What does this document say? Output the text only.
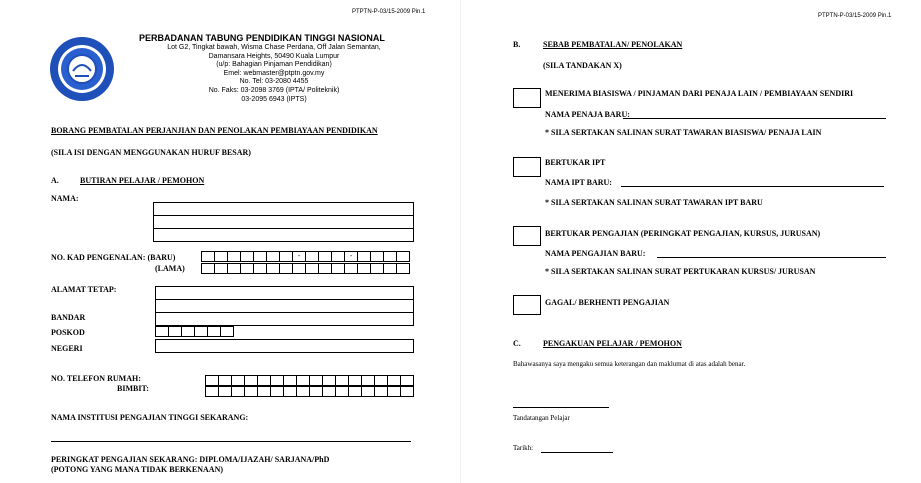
PTPTN-P-03/15-2009 Pin.1
PERBADANAN TABUNG PENDIDIKAN TINGGI NASIONAL
Lot G2, Tingkat bawah, Wisma Chase Perdana, Off Jalan Semantan,
Damansara Heights, 50490 Kuala Lumpur
(u/p: Bahagian Pinjaman Pendidikan)
Emel: webmaster@ptptn.gov.my
No. Tel: 03-2080 4455
No. Faks: 03-2098 3769 (IPTA/ Politeknik)
03-2095 6943 (IPTS)
BORANG PEMBATALAN PERJANJIAN DAN PENOLAKAN PEMBIAYAAN PENDIDIKAN
(SILA ISI DENGAN MENGGUNAKAN HURUF BESAR)
A.	BUTIRAN PELAJAR / PEMOHON
NAMA:
NO. KAD PENGENALAN: (BARU)
(LAMA)
-	-
ALAMAT TETAP:
BANDAR
POSKOD
NEGERI
NO. TELEFON RUMAH:
BIMBIT:
NAMA INSTITUSI PENGAJIAN TINGGI SEKARANG:
PERINGKAT PENGAJIAN SEKARANG: DIPLOMA/IJAZAH/ SARJANA/PhD
(POTONG YANG MANA TIDAK BERKENAAN)
PTPTN-P-03/15-2009 Pin.1
B.	SEBAB PEMBATALAN/ PENOLAKAN
(SILA TANDAKAN X)
MENERIMA BIASISWA / PINJAMAN DARI PENAJA LAIN / PEMBIAYAAN SENDIRI
NAMA PENAJA BARU:
* SILA SERTAKAN SALINAN SURAT TAWARAN BIASISWA/ PENAJA LAIN
BERTUKAR IPT
NAMA IPT BARU:
* SILA SERTAKAN SALINAN SURAT TAWARAN IPT BARU
BERTUKAR PENGAJIAN (PERINGKAT PENGAJIAN, KURSUS, JURUSAN)
NAMA PENGAJIAN BARU:
* SILA SERTAKAN SALINAN SURAT PERTUKARAN KURSUS/ JURUSAN
GAGAL/ BERHENTI PENGAJIAN
C.	PENGAKUAN PELAJAR / PEMOHON
Bahawasanya saya mengaku semua keterangan dan maklumat di atas adalah benar.
Tandatangan Pelajar
Tarikh:
